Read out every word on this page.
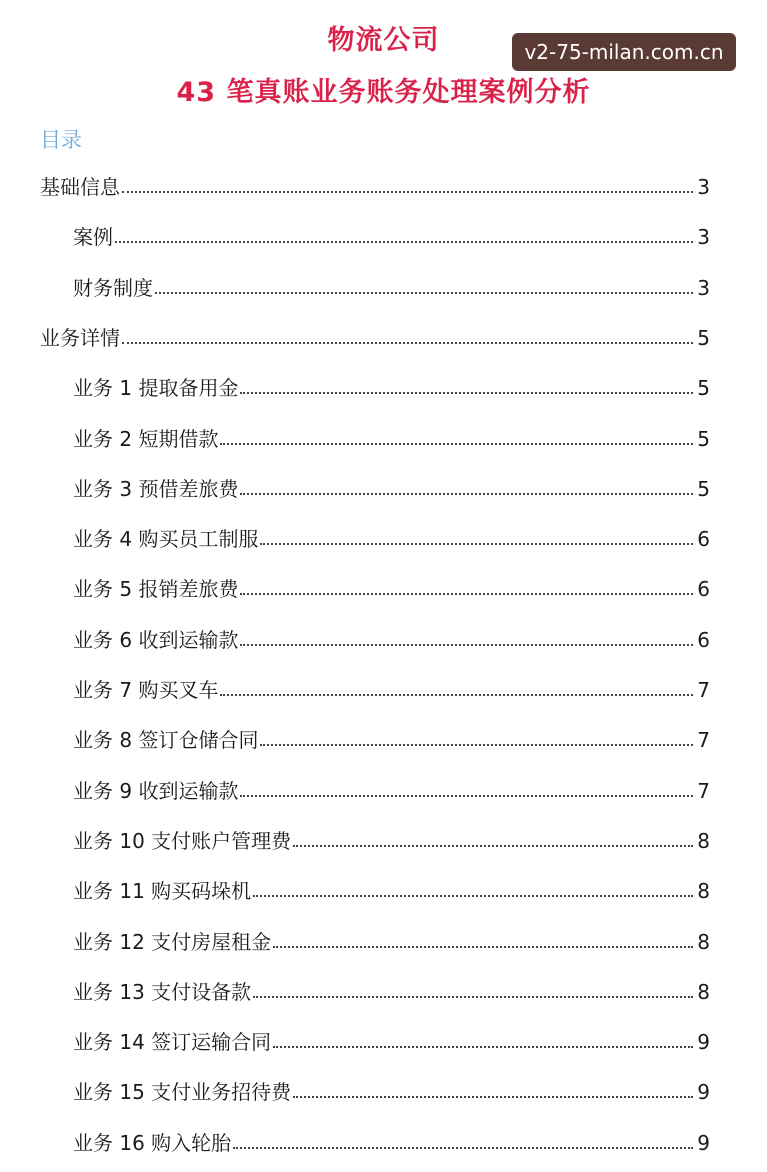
物流公司
43 笔真账业务账务处理案例分析
v2-75-milan.com.cn
目录
基础信息	3
案例	3
财务制度	3
业务详情	5
业务 1 提取备用金	5
业务 2 短期借款	5
业务 3 预借差旅费	5
业务 4 购买员工制服	6
业务 5 报销差旅费	6
业务 6 收到运输款	6
业务 7 购买叉车	7
业务 8 签订仓储合同	7
业务 9 收到运输款	7
业务 10 支付账户管理费	8
业务 11 购买码垛机	8
业务 12 支付房屋租金	8
业务 13 支付设备款	8
业务 14 签订运输合同	9
业务 15 支付业务招待费	9
业务 16 购入轮胎	9
